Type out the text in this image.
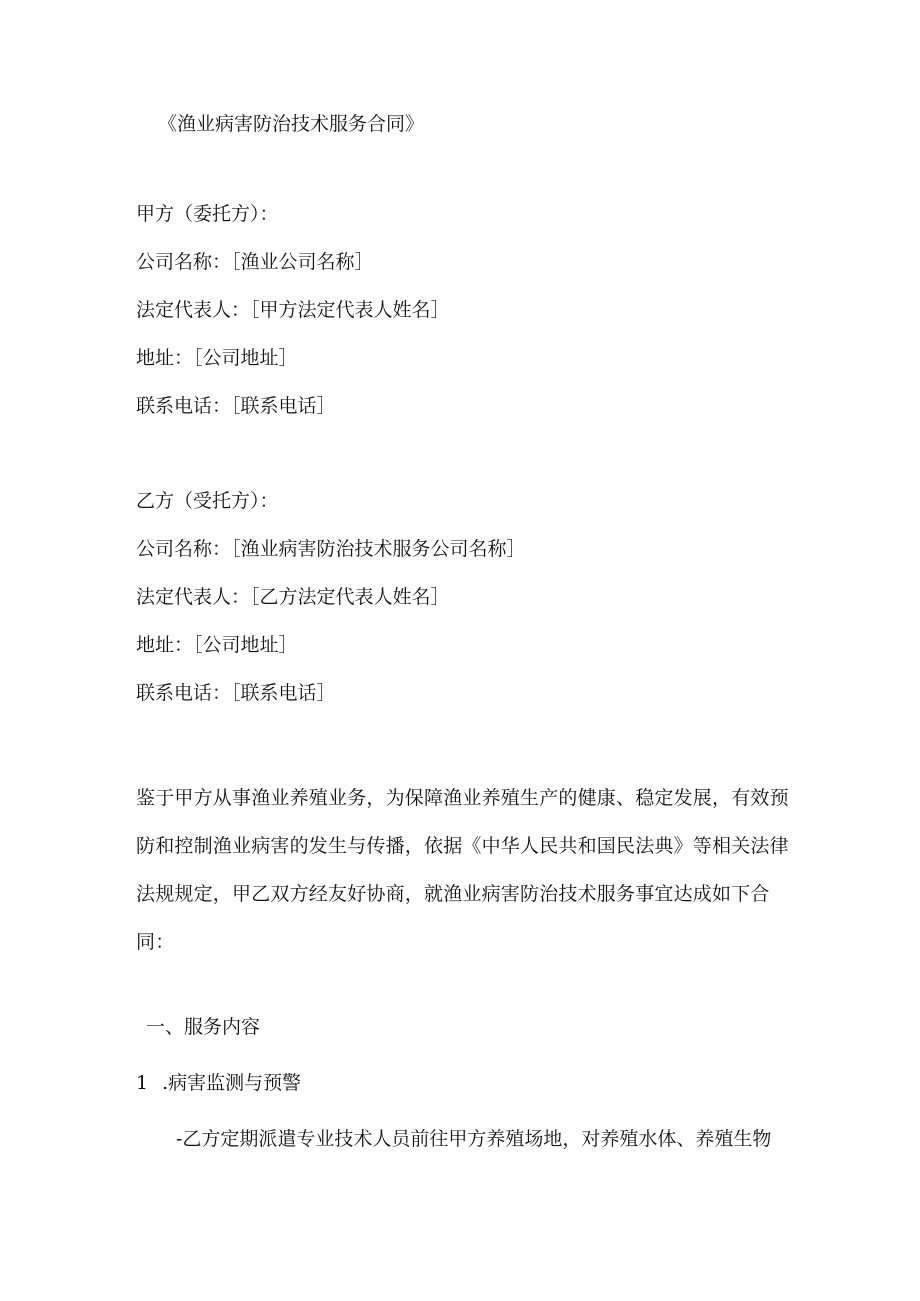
《渔业病害防治技术服务合同》
甲方（委托方）：
公司名称：［渔业公司名称］
法定代表人：［甲方法定代表人姓名］
地址：［公司地址］
联系电话：［联系电话］
乙方（受托方）：
公司名称：［渔业病害防治技术服务公司名称］
法定代表人：［乙方法定代表人姓名］
地址：［公司地址］
联系电话：［联系电话］
鉴于甲方从事渔业养殖业务，为保障渔业养殖生产的健康、稳定发展，有效预
防和控制渔业病害的发生与传播，依据《中华人民共和国民法典》等相关法律
法规规定，甲乙双方经友好协商，就渔业病害防治技术服务事宜达成如下合
同：
一、服务内容
1 .病害监测与预警
-乙方定期派遣专业技术人员前往甲方养殖场地，对养殖水体、养殖生物
